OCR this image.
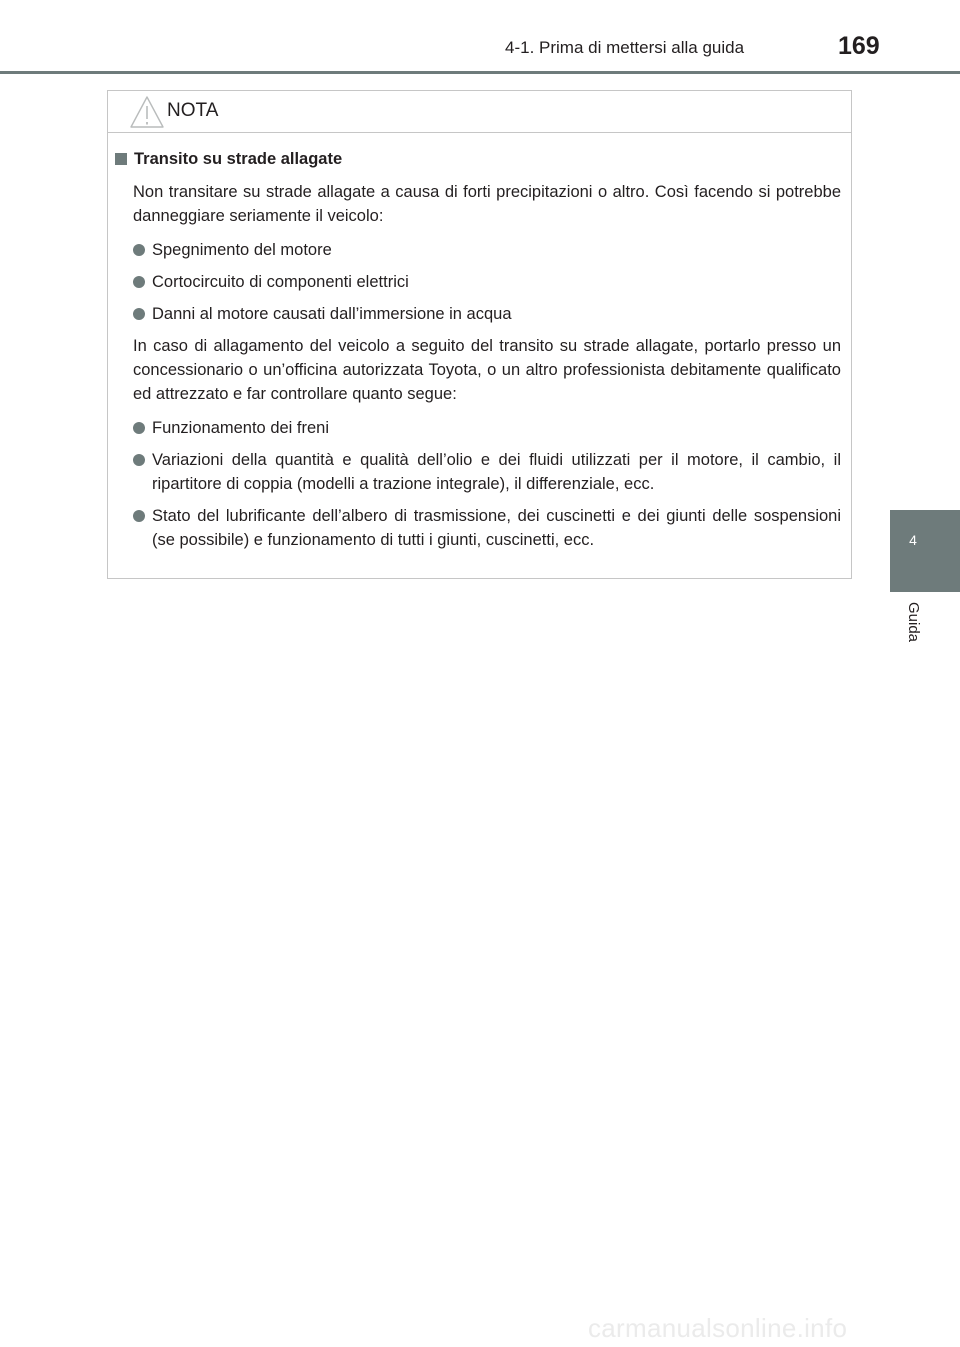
4-1. Prima di mettersi alla guida	169
4
Guida
NOTA
Transito su strade allagate

Non transitare su strade allagate a causa di forti precipitazioni o altro. Così facendo si potrebbe danneggiare seriamente il veicolo:

Spegnimento del motore
Cortocircuito di componenti elettrici
Danni al motore causati dall’immersione in acqua

In caso di allagamento del veicolo a seguito del transito su strade allagate, portarlo presso un concessionario o un’officina autorizzata Toyota, o un altro professionista debitamente qualificato ed attrezzato e far controllare quanto segue:

Funzionamento dei freni
Variazioni della quantità e qualità dell’olio e dei fluidi utilizzati per il motore, il cambio, il ripartitore di coppia (modelli a trazione integrale), il differenziale, ecc.
Stato del lubrificante dell’albero di trasmissione, dei cuscinetti e dei giunti delle sospensioni (se possibile) e funzionamento di tutti i giunti, cuscinetti, ecc.
carmanualsonline.info
